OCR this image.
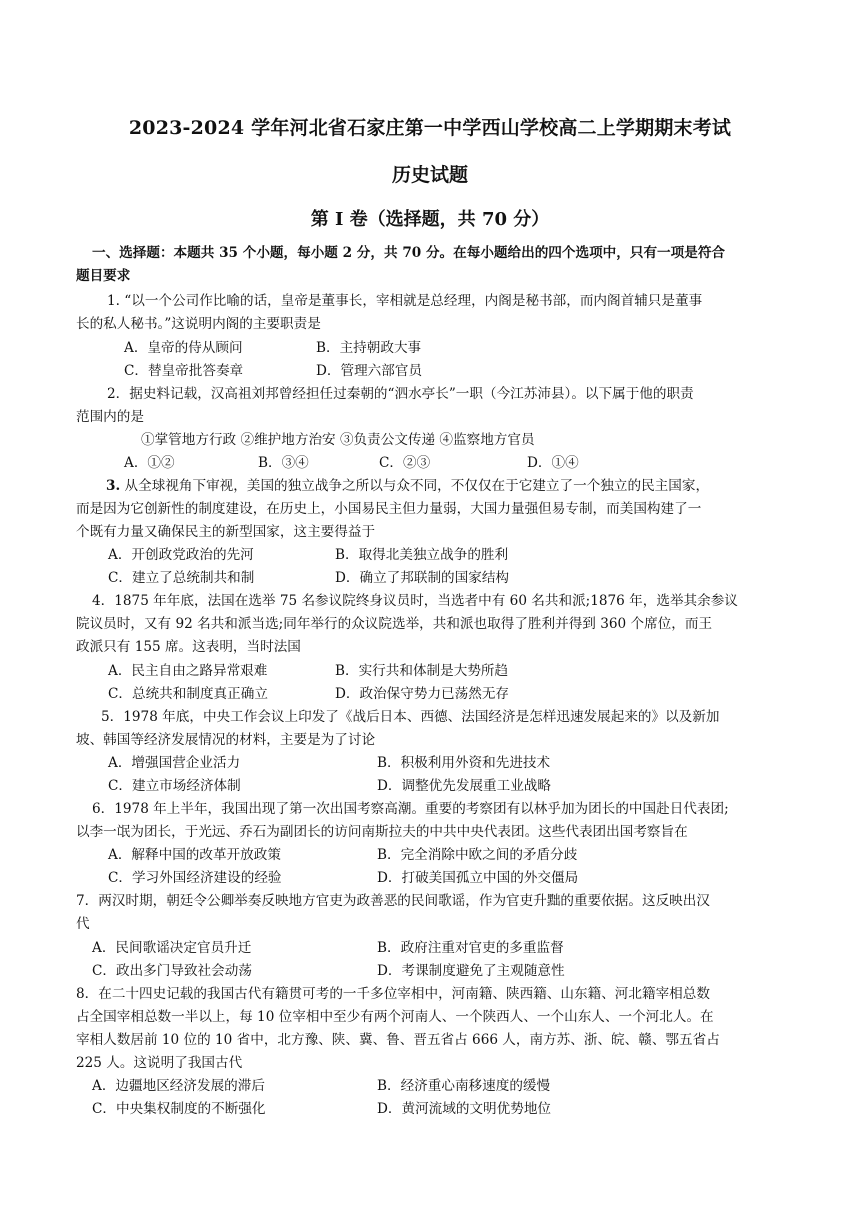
2023-2024 学年河北省石家庄第一中学西山学校高二上学期期末考试
历史试题
第 I 卷（选择题，共 70 分）
一、选择题：本题共 35 个小题，每小题 2 分，共 70 分。在每小题给出的四个选项中，只有一项是符合
题目要求
1. “以一个公司作比喻的话，皇帝是董事长，宰相就是总经理，内阁是秘书部，而内阁首辅只是董事
长的私人秘书。”这说明内阁的主要职责是
A．皇帝的侍从顾问	B．主持朝政大事
C．替皇帝批答奏章	D．管理六部官员
2．据史料记载，汉高祖刘邦曾经担任过秦朝的“泗水亭长”一职（今江苏沛县）。以下属于他的职责
范围内的是
①掌管地方行政 ②维护地方治安 ③负责公文传递 ④监察地方官员
A．①②	B．③④	C．②③	D．①④
3. 从全球视角下审视，美国的独立战争之所以与众不同，不仅仅在于它建立了一个独立的民主国家，
而是因为它创新性的制度建设，在历史上，小国易民主但力量弱，大国力量强但易专制，而美国构建了一
个既有力量又确保民主的新型国家，这主要得益于
A．开创政党政治的先河	B．取得北美独立战争的胜利
C．建立了总统制共和制	D．确立了邦联制的国家结构
4．1875 年年底，法国在选举 75 名参议院终身议员时，当选者中有 60 名共和派;1876 年，选举其余参议
院议员时，又有 92 名共和派当选;同年举行的众议院选举，共和派也取得了胜利并得到 360 个席位，而王
政派只有 155 席。这表明，当时法国
A．民主自由之路异常艰难	B．实行共和体制是大势所趋
C．总统共和制度真正确立	D．政治保守势力已荡然无存
5．1978 年底，中央工作会议上印发了《战后日本、西德、法国经济是怎样迅速发展起来的》以及新加
坡、韩国等经济发展情况的材料，主要是为了讨论
A．增强国营企业活力	B．积极利用外资和先进技术
C．建立市场经济体制	D．调整优先发展重工业战略
6．1978 年上半年，我国出现了第一次出国考察高潮。重要的考察团有以林乎加为团长的中国赴日代表团;
以李一氓为团长，于光远、乔石为副团长的访问南斯拉夫的中共中央代表团。这些代表团出国考察旨在
A．解释中国的改革开放政策	B．完全消除中欧之间的矛盾分歧
C．学习外国经济建设的经验	D．打破美国孤立中国的外交僵局
7．两汉时期，朝廷令公卿举奏反映地方官吏为政善恶的民间歌谣，作为官吏升黜的重要依据。这反映出汉
代
A．民间歌谣决定官员升迁	B．政府注重对官吏的多重监督
C．政出多门导致社会动荡	D．考课制度避免了主观随意性
8．在二十四史记载的我国古代有籍贯可考的一千多位宰相中，河南籍、陕西籍、山东籍、河北籍宰相总数
占全国宰相总数一半以上，每 10 位宰相中至少有两个河南人、一个陕西人、一个山东人、一个河北人。在
宰相人数居前 10 位的 10 省中，北方豫、陕、冀、鲁、晋五省占 666 人，南方苏、浙、皖、赣、鄂五省占
225 人。这说明了我国古代
A．边疆地区经济发展的滞后	B．经济重心南移速度的缓慢
C．中央集权制度的不断强化	D．黄河流域的文明优势地位
